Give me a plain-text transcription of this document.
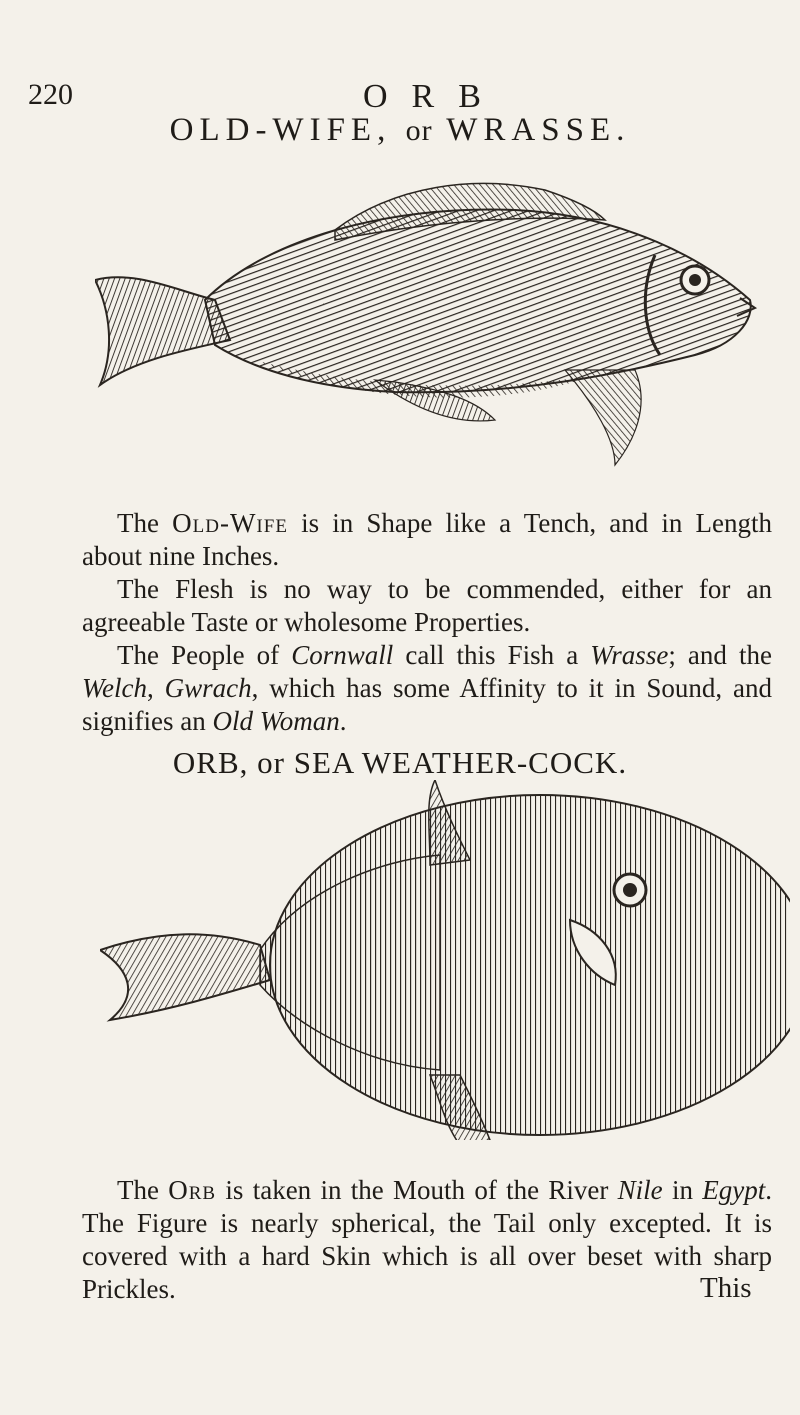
220	ORB
OLD-WIFE, or WRASSE.

The Old-Wife is in Shape like a Tench, and in Length about nine Inches.

The Flesh is no way to be commended, either for an agreeable Taste or wholesome Properties.

The People of Cornwall call this Fish a Wrasse; and the Welch, Gwrach, which has some Affinity to it in Sound, and signifies an Old Woman.

ORB, or SEA WEATHER-COCK.

The Orb is taken in the Mouth of the River Nile in Egypt. The Figure is nearly spherical, the Tail only excepted. It is covered with a hard Skin which is all over beset with sharp Prickles.	This
